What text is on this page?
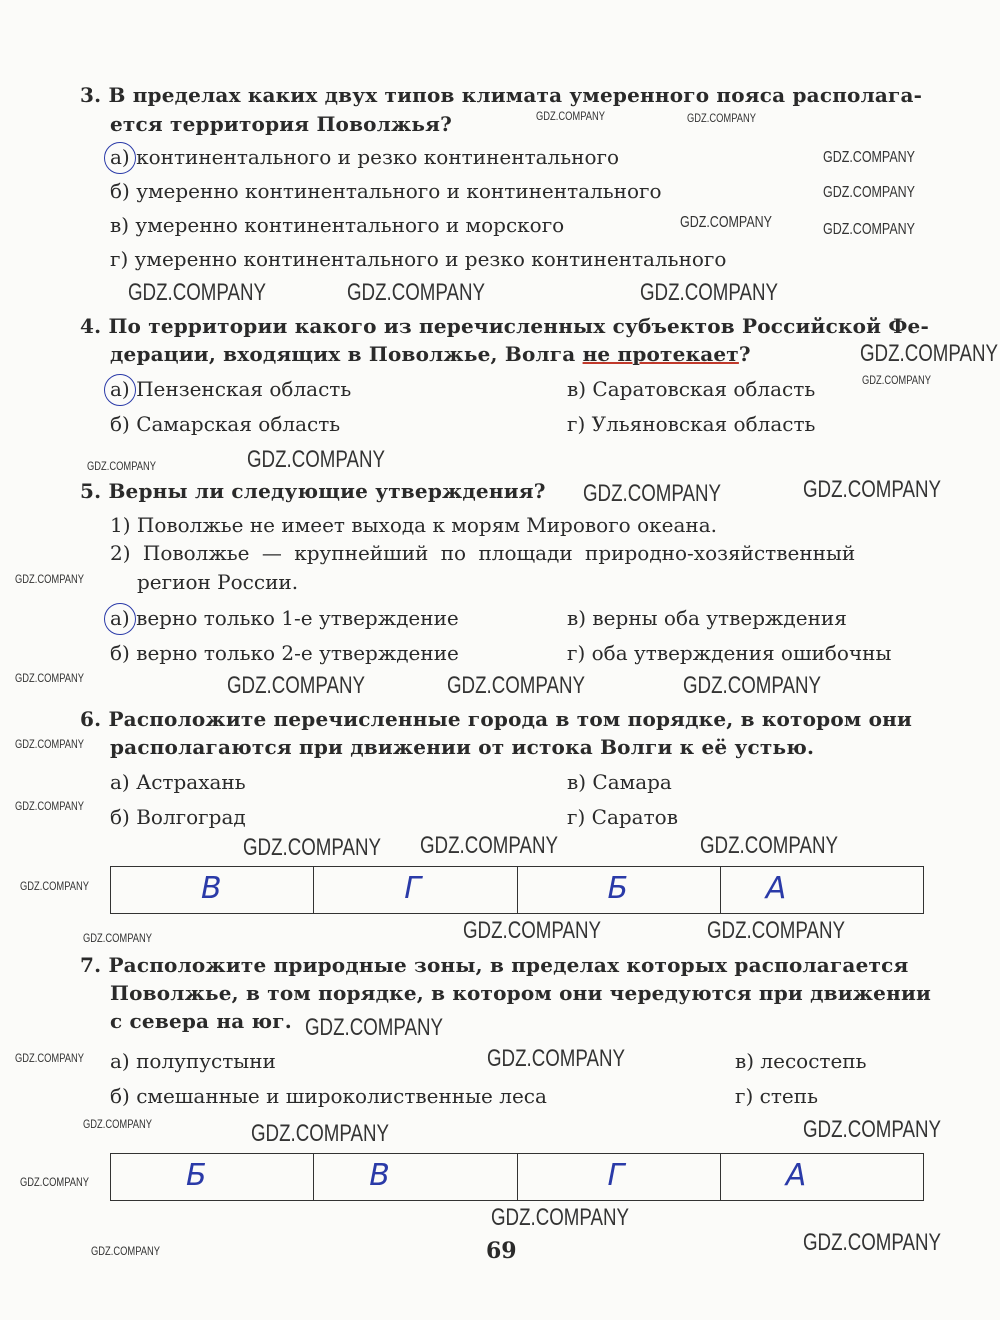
3. В пределах каких двух типов климата умеренного пояса располага-
ется территория Поволжья?
а) континентального и резко континентального
б) умеренно континентального и континентального
в) умеренно континентального и морского
г) умеренно континентального и резко континентального
4. По территории какого из перечисленных субъектов Российской Фе-
дерации, входящих в Поволжье, Волга не протекает?
а) Пензенская область	в) Саратовская область
б) Самарская область	г) Ульяновская область
5. Верны ли следующие утверждения?
1) Поволжье не имеет выхода к морям Мирового океана.
2) Поволжье — крупнейший по площади природно-хозяйственный
регион России.
а) верно только 1-е утверждение	в) верны оба утверждения
б) верно только 2-е утверждение	г) оба утверждения ошибочны
6. Расположите перечисленные города в том порядке, в котором они
располагаются при движении от истока Волги к её устью.
а) Астрахань	в) Самара
б) Волгоград	г) Саратов
В	Г	Б	А
7. Расположите природные зоны, в пределах которых располагается
Поволжье, в том порядке, в котором они чередуются при движении
с севера на юг.
а) полупустыни	в) лесостепь
б) смешанные и широколиственные леса	г) степь
Б	В	Г	А
69
GDZ.COMPANY	GDZ.COMPANY
GDZ.COMPANY
GDZ.COMPANY
GDZ.COMPANY
GDZ.COMPANY
GDZ.COMPANY
GDZ.COMPANY	GDZ.COMPANY
GDZ.COMPANY
GDZ.COMPANY
GDZ.COMPANY	GDZ.COMPANY
GDZ.COMPANY	GDZ.COMPANY
GDZ.COMPANY
GDZ.COMPANY	GDZ.COMPANY	GDZ.COMPANY
GDZ.COMPANY
GDZ.COMPANY
GDZ.COMPANY
GDZ.COMPANY	GDZ.COMPANY
GDZ.COMPANY
GDZ.COMPANY
GDZ.COMPANY	GDZ.COMPANY
GDZ.COMPANY
GDZ.COMPANY
GDZ.COMPANY	GDZ.COMPANY
GDZ.COMPANY
GDZ.COMPANY	GDZ.COMPANY
GDZ.COMPANY
GDZ.COMPANY
GDZ.COMPANY	GDZ.COMPANY
